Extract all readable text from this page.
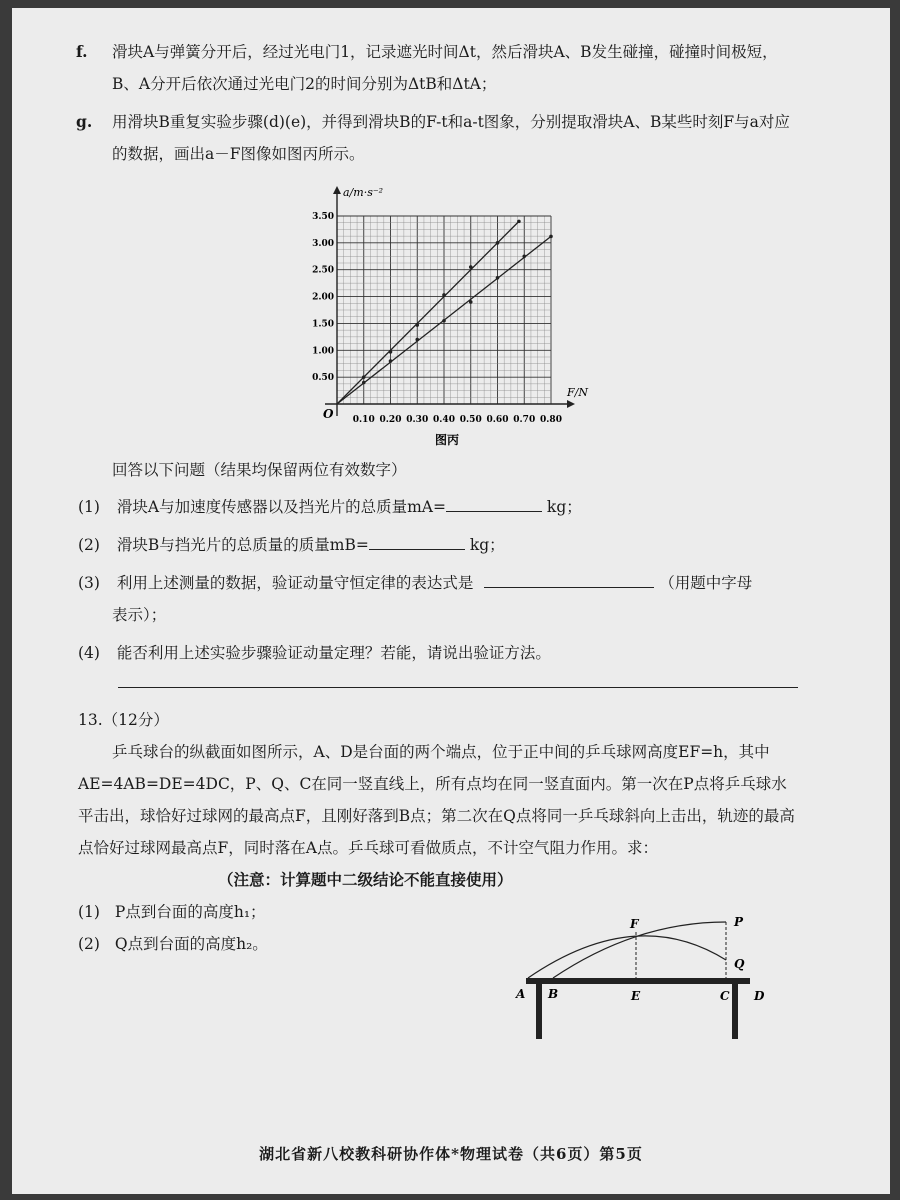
f. 滑块A与弹簧分开后，经过光电门1，记录遮光时间Δt，然后滑块A、B发生碰撞，碰撞时间极短，B、A分开后依次通过光电门2的时间分别为ΔtB和ΔtA；
g. 用滑块B重复实验步骤(d)(e)，并得到滑块B的F-t和a-t图象，分别提取滑块A、B某些时刻F与a对应的数据，画出a－F图像如图丙所示。
a/m·s⁻²
F/N
O 0.10 0.20 0.30 0.40 0.50 0.60 0.70 0.80
0.50
1.00
1.50
2.00
2.50
3.00
3.50
图丙
回答以下问题（结果均保留两位有效数字）
(1) 滑块A与加速度传感器以及挡光片的总质量mA=	kg；
(2) 滑块B与挡光片的总质量的质量mB=	kg；
(3) 利用上述测量的数据，验证动量守恒定律的表达式是	（用题中字母
表示）；
(4) 能否利用上述实验步骤验证动量定理？若能，请说出验证方法。
13.（12分）
乒乓球台的纵截面如图所示，A、D是台面的两个端点，位于正中间的乒乓球网高度EF=h，其中AE=4AB=DE=4DC，P、Q、C在同一竖直线上，所有点均在同一竖直面内。第一次在P点将乒乓球水平击出，球恰好过球网的最高点F，且刚好落到B点；第二次在Q点将同一乒乓球斜向上击出，轨迹的最高点恰好过球网最高点F，同时落在A点。乒乓球可看做质点，不计空气阻力作用。求：
（注意：计算题中二级结论不能直接使用）
(1) P点到台面的高度h₁；
(2) Q点到台面的高度h₂。
A B	E	C D
F	P
Q
湖北省新八校教科研协作体*物理试卷（共6页）第5页
